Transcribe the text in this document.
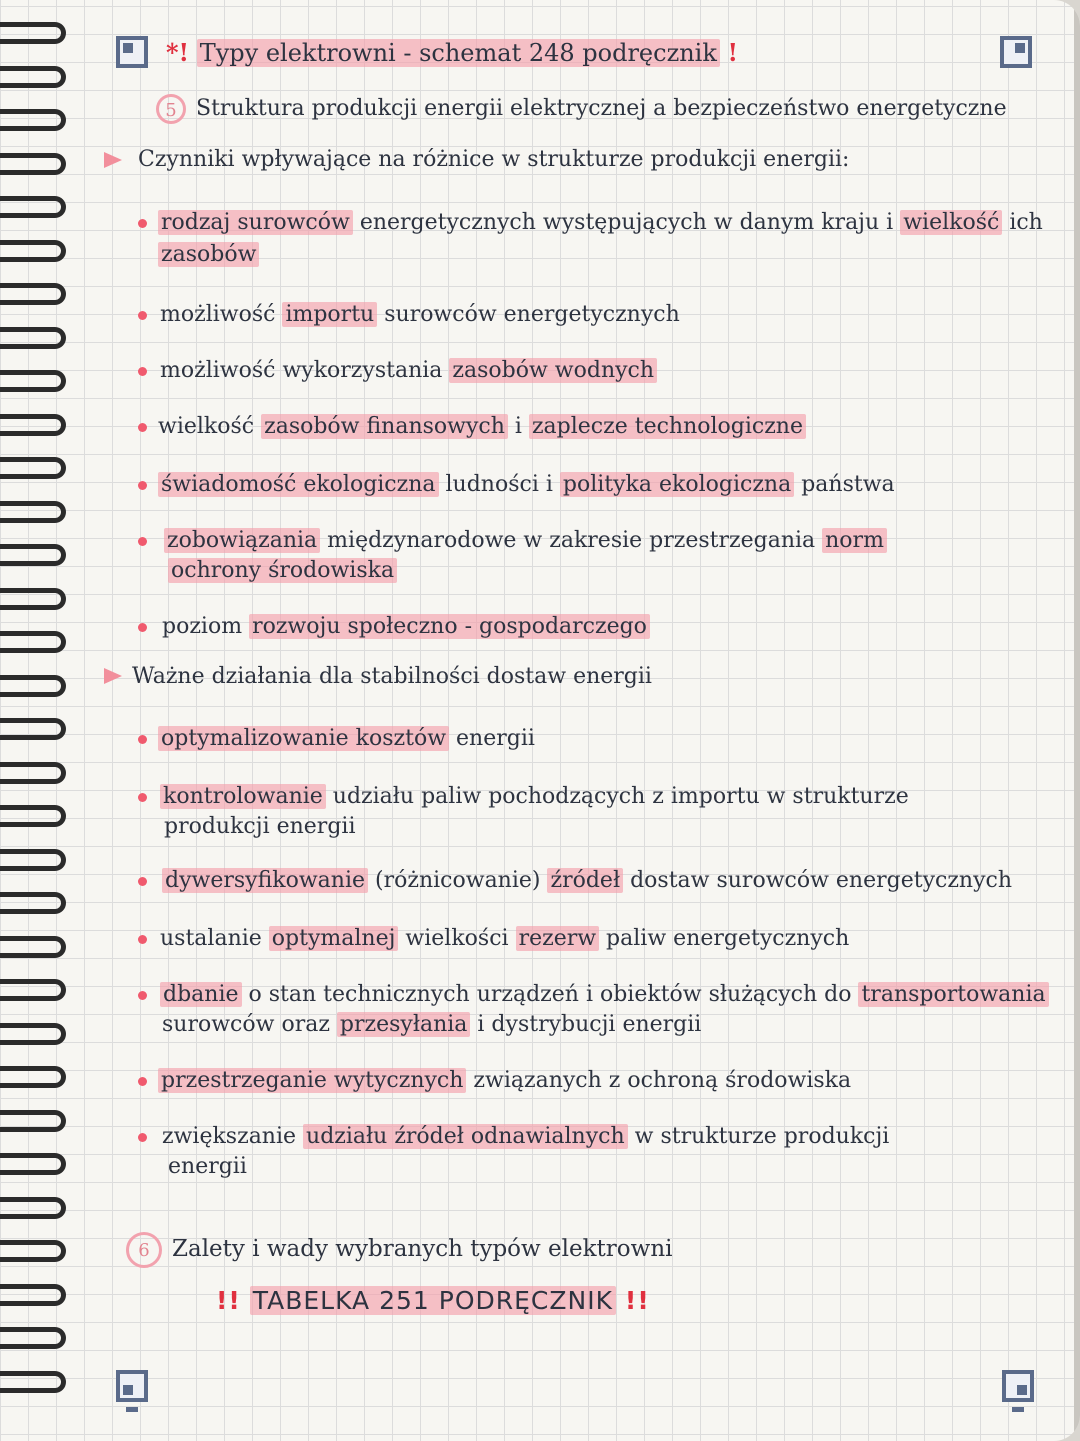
*! Typy elektrowni - schemat 248 podręcznik !
5 Struktura produkcji energii elektrycznej a bezpieczeństwo energetyczne
Czynniki wpływające na różnice w strukturze produkcji energii:
rodzaj surowców energetycznych występujących w danym kraju i wielkość ich
zasobów
możliwość importu surowców energetycznych
możliwość wykorzystania zasobów wodnych
wielkość zasobów finansowych i zaplecze technologiczne
świadomość ekologiczna ludności i polityka ekologiczna państwa
zobowiązania międzynarodowe w zakresie przestrzegania norm
ochrony środowiska
poziom rozwoju społeczno - gospodarczego
Ważne działania dla stabilności dostaw energii
optymalizowanie kosztów energii
kontrolowanie udziału paliw pochodzących z importu w strukturze
produkcji energii
dywersyfikowanie (różnicowanie) źródeł dostaw surowców energetycznych
ustalanie optymalnej wielkości rezerw paliw energetycznych
dbanie o stan technicznych urządzeń i obiektów służących do transportowania
surowców oraz przesyłania i dystrybucji energii
przestrzeganie wytycznych związanych z ochroną środowiska
zwiększanie udziału źródeł odnawialnych w strukturze produkcji
energii
6 Zalety i wady wybranych typów elektrowni
!! TABELKA 251 PODRĘCZNIK !!
